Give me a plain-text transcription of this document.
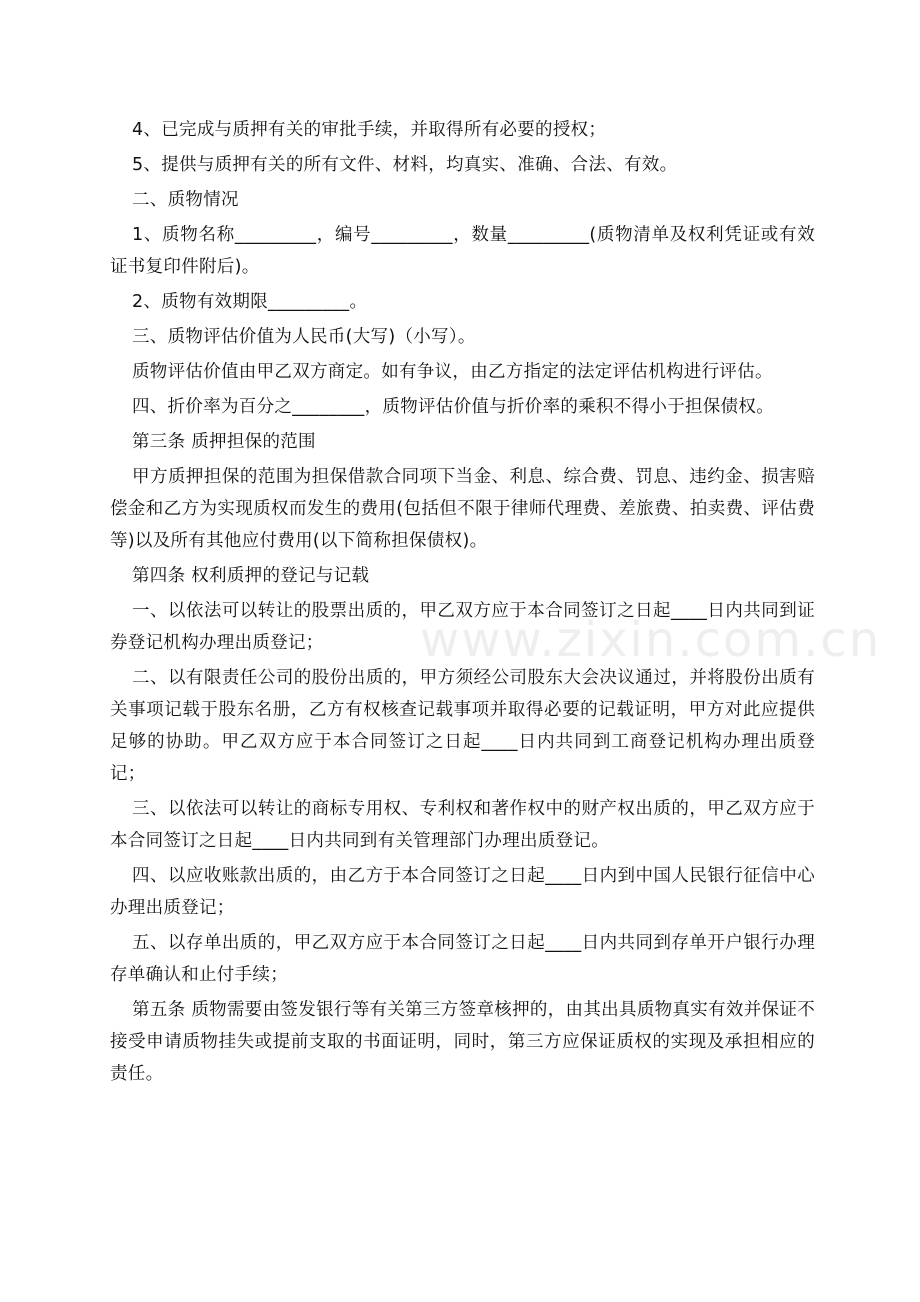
www.zixin.com.cn

4、已完成与质押有关的审批手续，并取得所有必要的授权；

5、提供与质押有关的所有文件、材料，均真实、准确、合法、有效。

二、质物情况

1、质物名称_________，编号_________，数量_________(质物清单及权利凭证或有效证书复印件附后)。

2、质物有效期限_________。

三、质物评估价值为人民币(大写)（小写）。

质物评估价值由甲乙双方商定。如有争议，由乙方指定的法定评估机构进行评估。

四、折价率为百分之________，质物评估价值与折价率的乘积不得小于担保债权。

第三条 质押担保的范围

甲方质押担保的范围为担保借款合同项下当金、利息、综合费、罚息、违约金、损害赔偿金和乙方为实现质权而发生的费用(包括但不限于律师代理费、差旅费、拍卖费、评估费等)以及所有其他应付费用(以下简称担保债权)。

第四条 权利质押的登记与记载

一、以依法可以转让的股票出质的，甲乙双方应于本合同签订之日起____日内共同到证券登记机构办理出质登记；

二、以有限责任公司的股份出质的，甲方须经公司股东大会决议通过，并将股份出质有关事项记载于股东名册，乙方有权核查记载事项并取得必要的记载证明，甲方对此应提供足够的协助。甲乙双方应于本合同签订之日起____日内共同到工商登记机构办理出质登记；

三、以依法可以转让的商标专用权、专利权和著作权中的财产权出质的，甲乙双方应于本合同签订之日起____日内共同到有关管理部门办理出质登记。

四、以应收账款出质的，由乙方于本合同签订之日起____日内到中国人民银行征信中心办理出质登记；

五、以存单出质的，甲乙双方应于本合同签订之日起____日内共同到存单开户银行办理存单确认和止付手续；

第五条 质物需要由签发银行等有关第三方签章核押的，由其出具质物真实有效并保证不接受申请质物挂失或提前支取的书面证明，同时，第三方应保证质权的实现及承担相应的责任。
